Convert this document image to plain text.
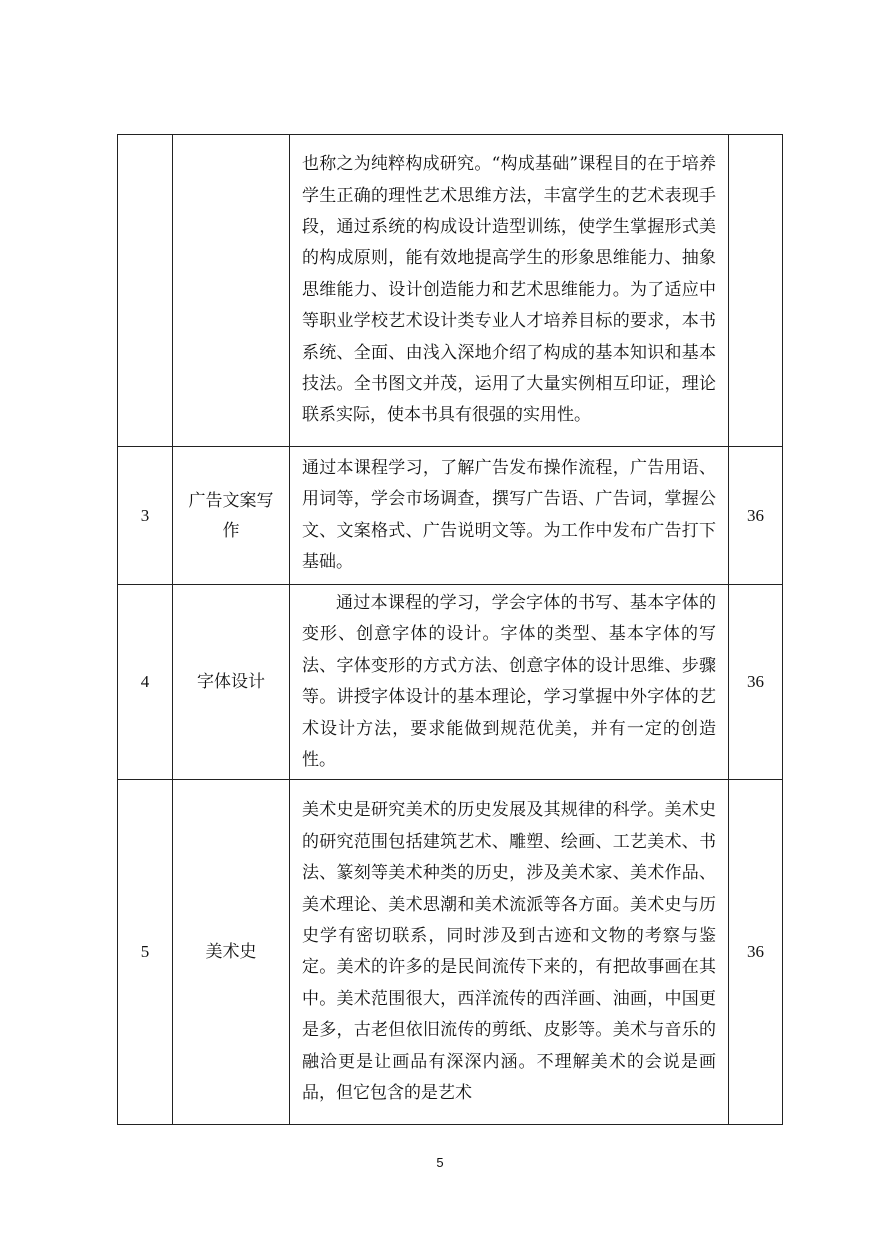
		也称之为纯粹构成研究。“构成基础”课程目的在于培养学生正确的理性艺术思维方法，丰富学生的艺术表现手段，通过系统的构成设计造型训练，使学生掌握形式美的构成原则，能有效地提高学生的形象思维能力、抽象思维能力、设计创造能力和艺术思维能力。为了适应中等职业学校艺术设计类专业人才培养目标的要求，本书系统、全面、由浅入深地介绍了构成的基本知识和基本技法。全书图文并茂，运用了大量实例相互印证，理论联系实际，使本书具有很强的实用性。	

3	广告文案写作	通过本课程学习，了解广告发布操作流程，广告用语、用词等，学会市场调查，撰写广告语、广告词，掌握公文、文案格式、广告说明文等。为工作中发布广告打下基础。	36
4	字体设计	通过本课程的学习，学会字体的书写、基本字体的变形、创意字体的设计。字体的类型、基本字体的写法、字体变形的方式方法、创意字体的设计思维、步骤等。讲授字体设计的基本理论，学习掌握中外字体的艺术设计方法，要求能做到规范优美，并有一定的创造性。	36
5	美术史	美术史是研究美术的历史发展及其规律的科学。美术史的研究范围包括建筑艺术、雕塑、绘画、工艺美术、书法、篆刻等美术种类的历史，涉及美术家、美术作品、美术理论、美术思潮和美术流派等各方面。美术史与历史学有密切联系，同时涉及到古迹和文物的考察与鉴定。美术的许多的是民间流传下来的，有把故事画在其中。美术范围很大，西洋流传的西洋画、油画，中国更是多，古老但依旧流传的剪纸、皮影等。美术与音乐的融洽更是让画品有深深内涵。不理解美术的会说是画品，但它包含的是艺术	36
5
